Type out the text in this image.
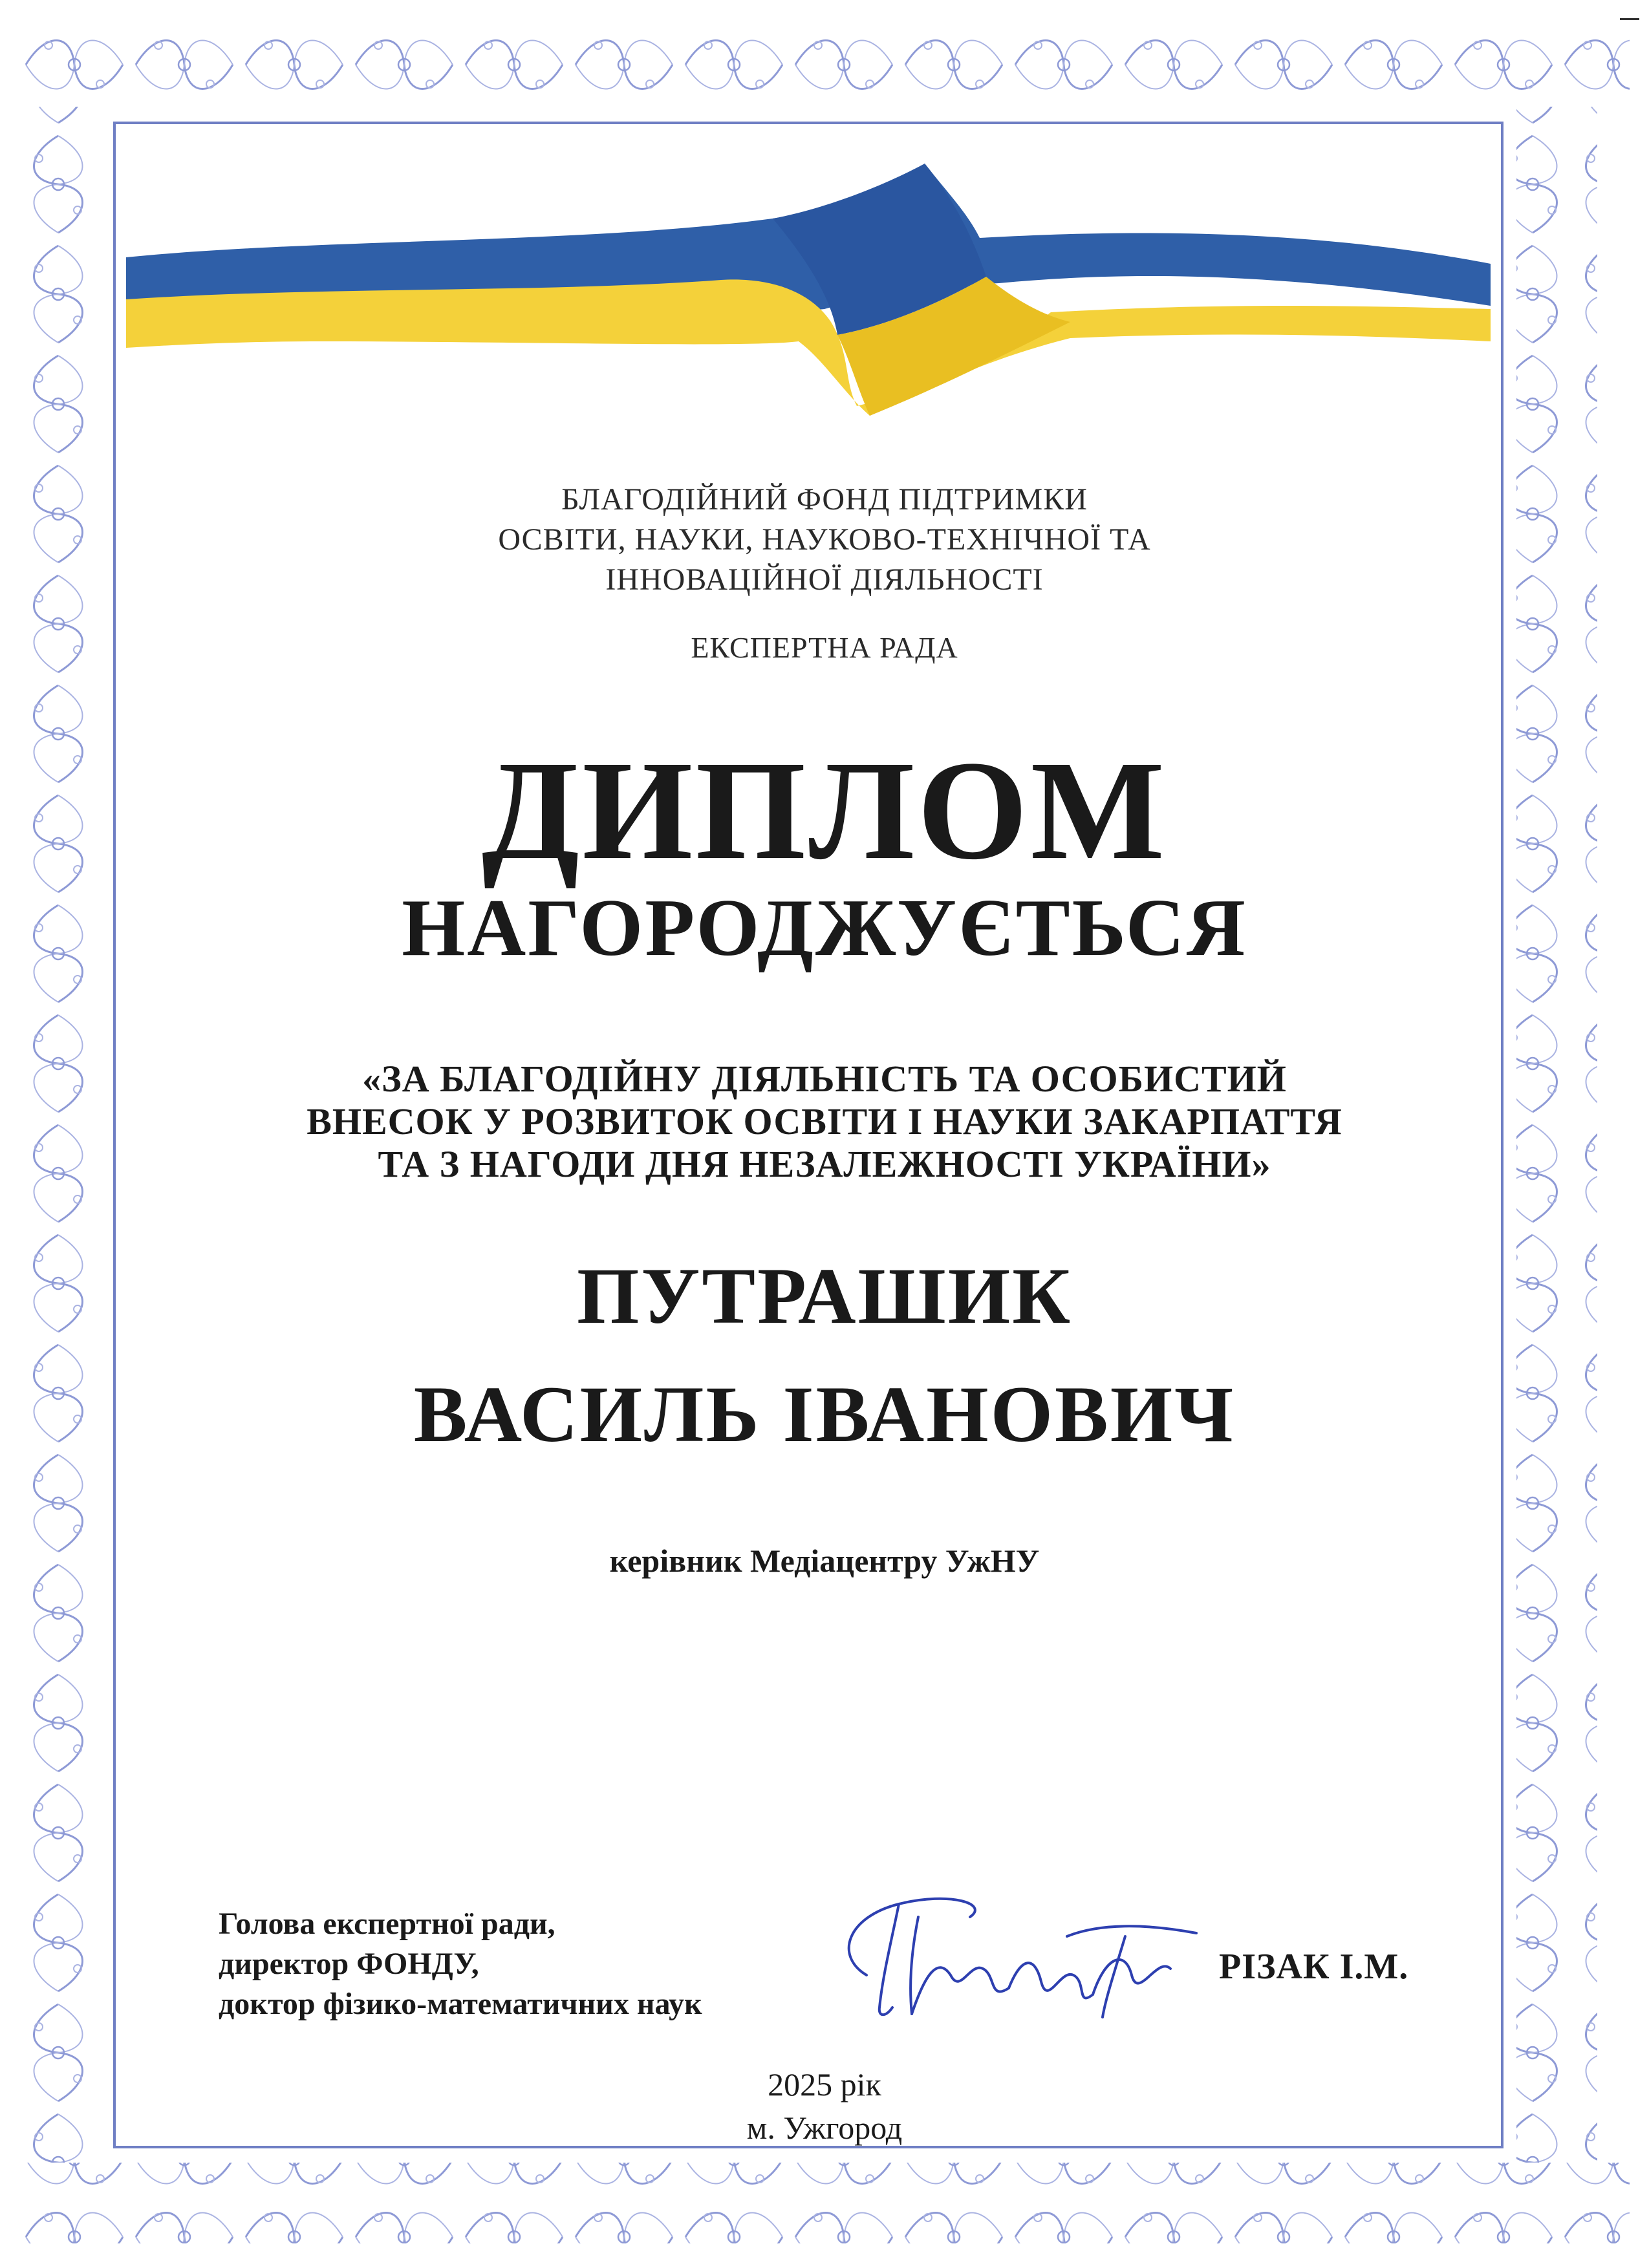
БЛАГОДІЙНИЙ ФОНД ПІДТРИМКИ
ОСВІТИ, НАУКИ, НАУКОВО-ТЕХНІЧНОЇ ТА
ІННОВАЦІЙНОЇ ДІЯЛЬНОСТІ
ЕКСПЕРТНА РАДА
ДИПЛОМ
НАГОРОДЖУЄТЬСЯ
«ЗА БЛАГОДІЙНУ ДІЯЛЬНІСТЬ ТА ОСОБИСТИЙ
ВНЕСОК У РОЗВИТОК ОСВІТИ І НАУКИ ЗАКАРПАТТЯ
ТА З НАГОДИ ДНЯ НЕЗАЛЕЖНОСТІ УКРАЇНИ»
ПУТРАШИК
ВАСИЛЬ ІВАНОВИЧ
керівник Медіацентру УжНУ
Голова експертної ради,
директор ФОНДУ,
доктор фізико-математичних наук
РІЗАК І.М.
2025 рік
м. Ужгород
